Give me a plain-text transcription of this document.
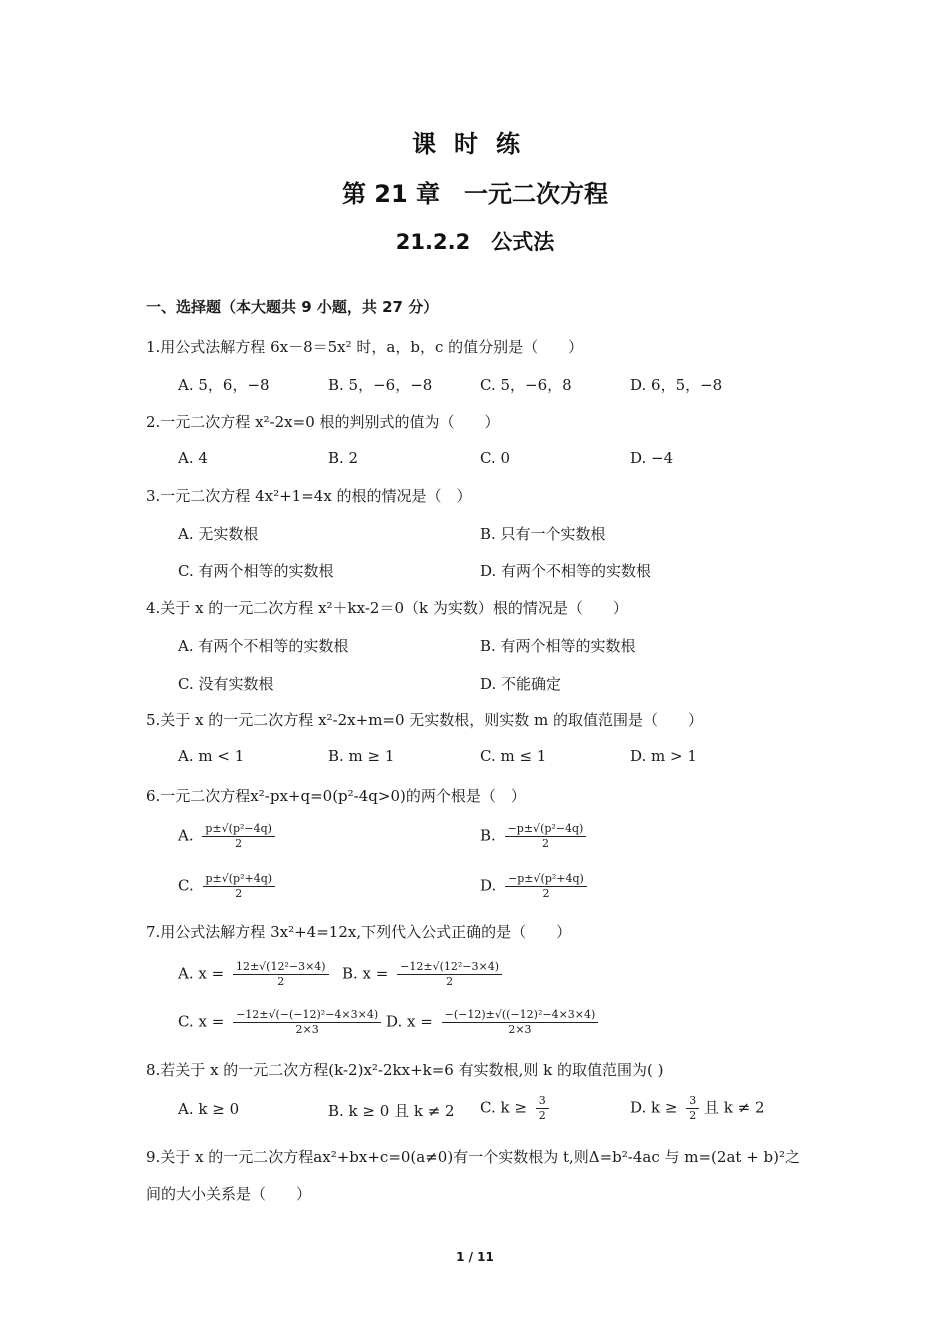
课时练
第 21 章　一元二次方程
21.2.2　公式法
一、选择题（本大题共 9 小题，共 27 分）
1.用公式法解方程 6x－8＝5x² 时，a，b，c 的值分别是（　　）
A. 5，6，−8	B. 5，−6，−8	C. 5，−6，8	D. 6，5，−8
2.一元二次方程 x²-2x=0 根的判别式的值为（　　）
A. 4	B. 2	C. 0	D. −4
3.一元二次方程 4x²+1=4x 的根的情况是（　）
A. 无实数根	B. 只有一个实数根
C. 有两个相等的实数根	D. 有两个不相等的实数根
4.关于 x 的一元二次方程 x²＋kx-2＝0（k 为实数）根的情况是（　　）
A. 有两个不相等的实数根	B. 有两个相等的实数根
C. 没有实数根	D. 不能确定
5.关于 x 的一元二次方程 x²-2x+m=0 无实数根，则实数 m 的取值范围是（　　）
A. m < 1	B. m ≥ 1	C. m ≤ 1	D. m > 1
6.一元二次方程x²-px+q=0(p²-4q>0)的两个根是（　）
A. $\frac{\text{p±√(p²−4q)}}{2}$	B. $\frac{\text{−p±√(p²−4q)}}{2}$
C. $\frac{\text{p±√(p²+4q)}}{2}$	D. $\frac{\text{−p±√(p²+4q)}}{2}$
7.用公式法解方程 3x²+4=12x,下列代入公式正确的是（　　）
A. $x = \frac{\text{12±√(12²−3×4)}}{2} B$. $x = \frac{\text{−12±√(12²−3×4)}}{2}$
C. $x = \frac{\text{−12±√(−(−12)²−4×3×4)}}{2\times 3} D$. $x = \frac{\text{−(−12)±√((−12)²−4×3×4)}}{2\times 3}$
8.若关于 x 的一元二次方程(k-2)x²-2kx+k=6 有实数根,则 k 的取值范围为( )
A. k ≥ 0	B. k ≥ 0 且 k ≠ 2 C. $k \ge \frac{3}{2}$	D. $k \ge \frac{3}{2}$ 且 k ≠ 2
9.关于 x 的一元二次方程ax²+bx+c=0(a≠0)有一个实数根为 t,则Δ=b²-4ac 与 m=(2at + b)²之
间的大小关系是（　　）
1 / 11
